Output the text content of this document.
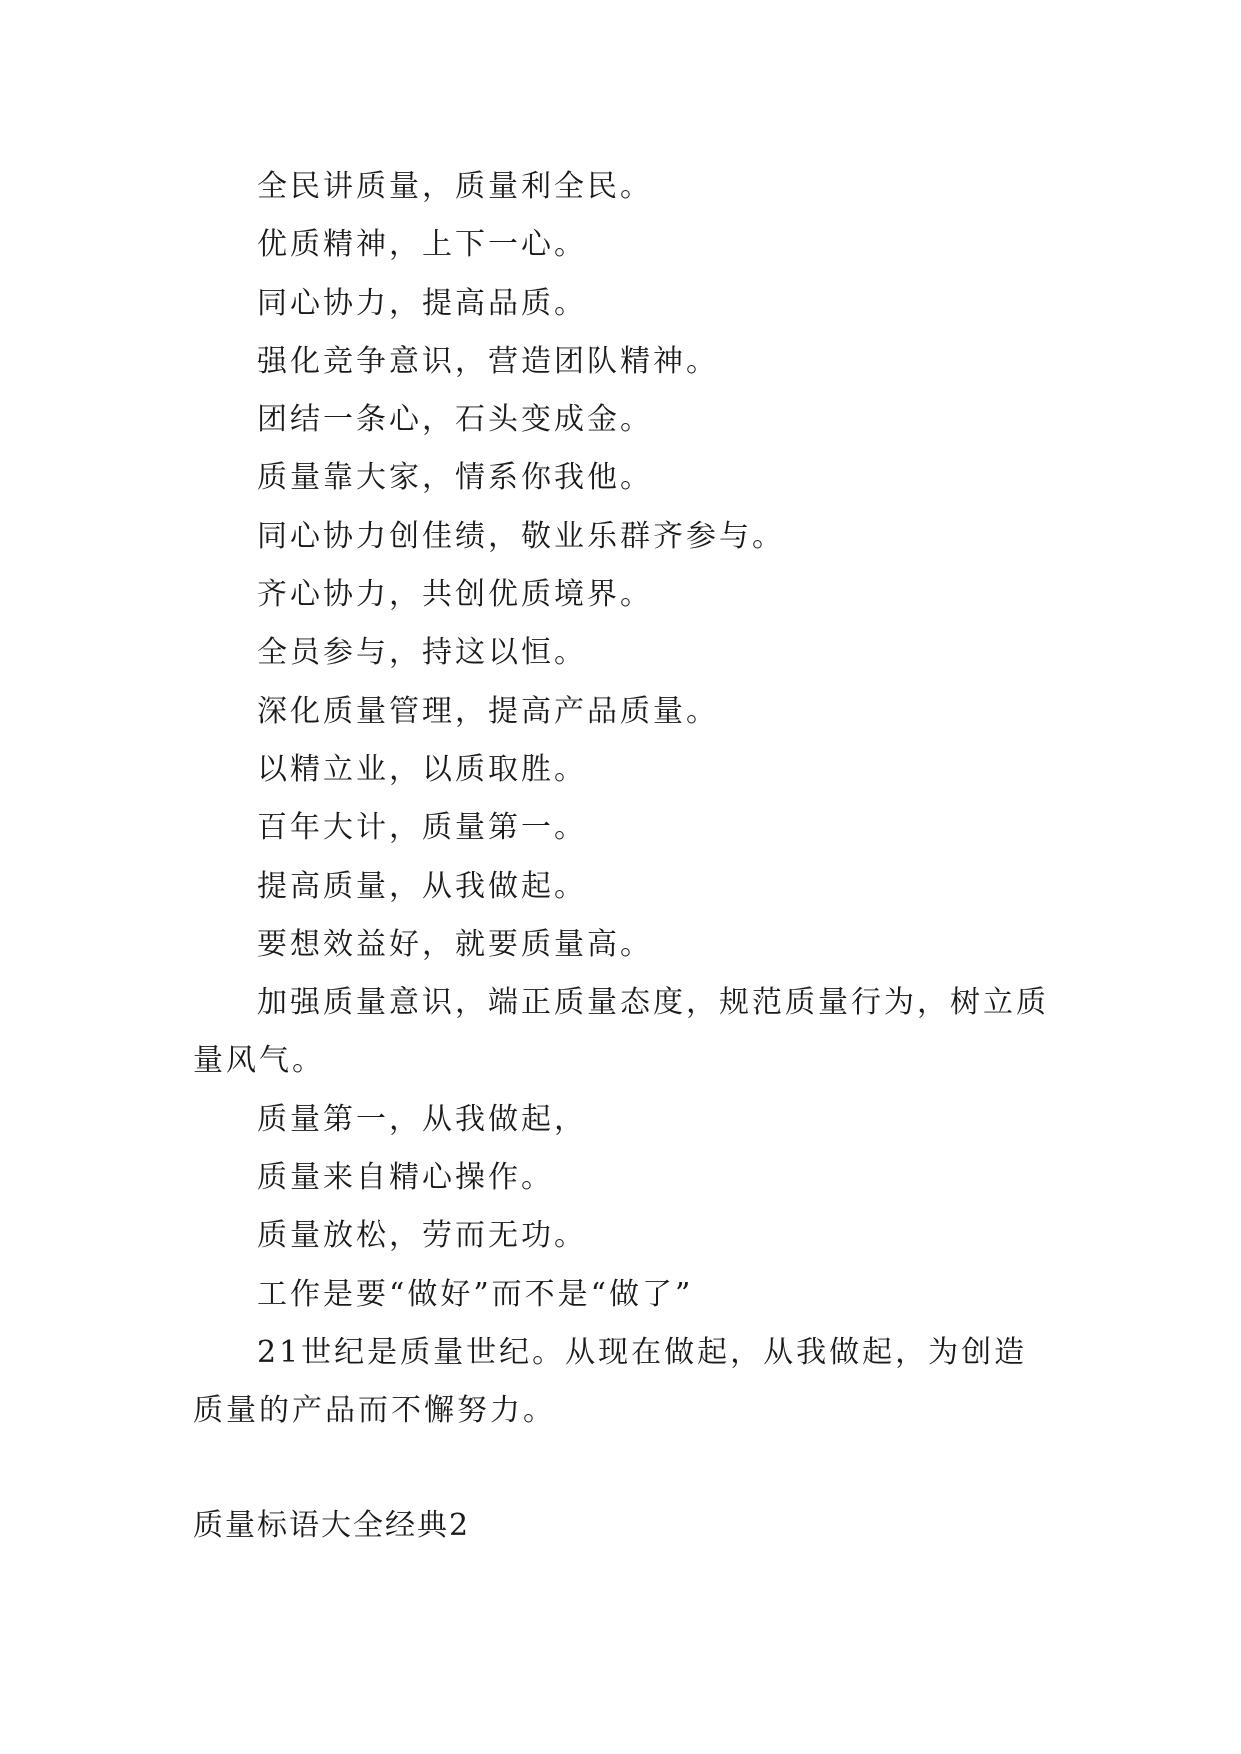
全民讲质量，质量利全民。

优质精神，上下一心。

同心协力，提高品质。

强化竞争意识，营造团队精神。

团结一条心，石头变成金。

质量靠大家，情系你我他。

同心协力创佳绩，敬业乐群齐参与。

齐心协力，共创优质境界。

全员参与，持这以恒。

深化质量管理，提高产品质量。

以精立业，以质取胜。

百年大计，质量第一。

提高质量，从我做起。

要想效益好，就要质量高。

加强质量意识，端正质量态度，规范质量行为，树立质量风气。

质量第一，从我做起，

质量来自精心操作。

质量放松，劳而无功。

工作是要“做好”而不是“做了”

21世纪是质量世纪。从现在做起，从我做起，为创造质量的产品而不懈努力。

质量标语大全经典2
